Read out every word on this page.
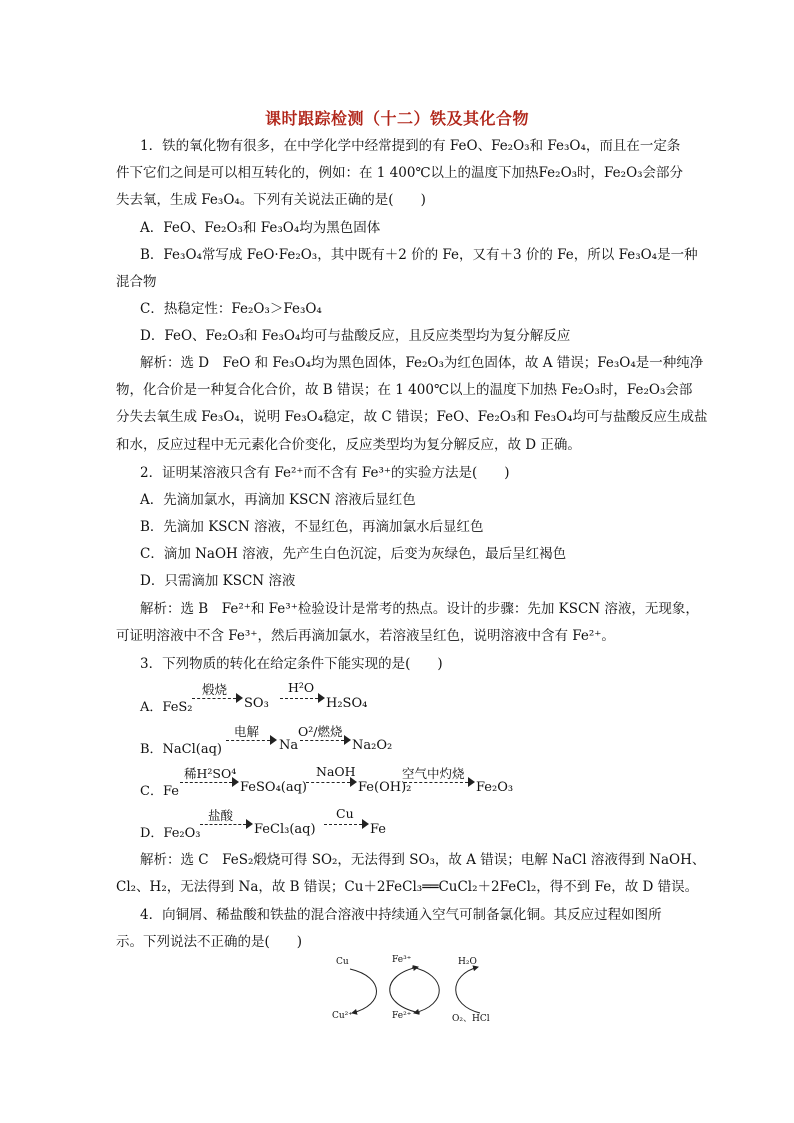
课时跟踪检测（十二）铁及其化合物
1．铁的氧化物有很多，在中学化学中经常提到的有 FeO、Fe₂O₃和 Fe₃O₄，而且在一定条
件下它们之间是可以相互转化的，例如：在 1 400℃以上的温度下加热Fe₂O₃时，Fe₂O₃会部分
失去氧，生成 Fe₃O₄。下列有关说法正确的是(　　)
A．FeO、Fe₂O₃和 Fe₃O₄均为黑色固体
B．Fe₃O₄常写成 FeO·Fe₂O₃，其中既有＋2 价的 Fe，又有＋3 价的 Fe，所以 Fe₃O₄是一种
混合物
C．热稳定性：Fe₂O₃＞Fe₃O₄
D．FeO、Fe₂O₃和 Fe₃O₄均可与盐酸反应，且反应类型均为复分解反应
解析：选 D　FeO 和 Fe₃O₄均为黑色固体，Fe₂O₃为红色固体，故 A 错误；Fe₃O₄是一种纯净
物，化合价是一种复合化合价，故 B 错误；在 1 400℃以上的温度下加热 Fe₂O₃时，Fe₂O₃会部
分失去氧生成 Fe₃O₄，说明 Fe₃O₄稳定，故 C 错误；FeO、Fe₂O₃和 Fe₃O₄均可与盐酸反应生成盐
和水，反应过程中无元素化合价变化，反应类型均为复分解反应，故 D 正确。
2．证明某溶液只含有 Fe²⁺而不含有 Fe³⁺的实验方法是(　　)
A．先滴加氯水，再滴加 KSCN 溶液后显红色
B．先滴加 KSCN 溶液，不显红色，再滴加氯水后显红色
C．滴加 NaOH 溶液，先产生白色沉淀，后变为灰绿色，最后呈红褐色
D．只需滴加 KSCN 溶液
解析：选 B　Fe²⁺和 Fe³⁺检验设计是常考的热点。设计的步骤：先加 KSCN 溶液，无现象，
可证明溶液中不含 Fe³⁺，然后再滴加氯水，若溶液呈红色，说明溶液中含有 Fe²⁺。
3．下列物质的转化在给定条件下能实现的是(　　)
A．FeS₂
煅烧
SO₃
H²O
H₂SO₄
B．NaCl(aq)
电解
Na
O²/燃烧
Na₂O₂
C．Fe
稀H²SO⁴
FeSO₄(aq)
NaOH
Fe(OH)₂
空气中灼烧
Fe₂O₃
D．Fe₂O₃
盐酸
FeCl₃(aq)
Cu
Fe
解析：选 C　FeS₂煅烧可得 SO₂，无法得到 SO₃，故 A 错误；电解 NaCl 溶液得到 NaOH、
Cl₂、H₂，无法得到 Na，故 B 错误；Cu＋2FeCl₃══CuCl₂＋2FeCl₂，得不到 Fe，故 D 错误。
4．向铜屑、稀盐酸和铁盐的混合溶液中持续通入空气可制备氯化铜。其反应过程如图所
示。下列说法不正确的是(　　)
Cu
Cu²⁺
Fe³⁺
Fe²⁺
H₂O
O₂、HCl
